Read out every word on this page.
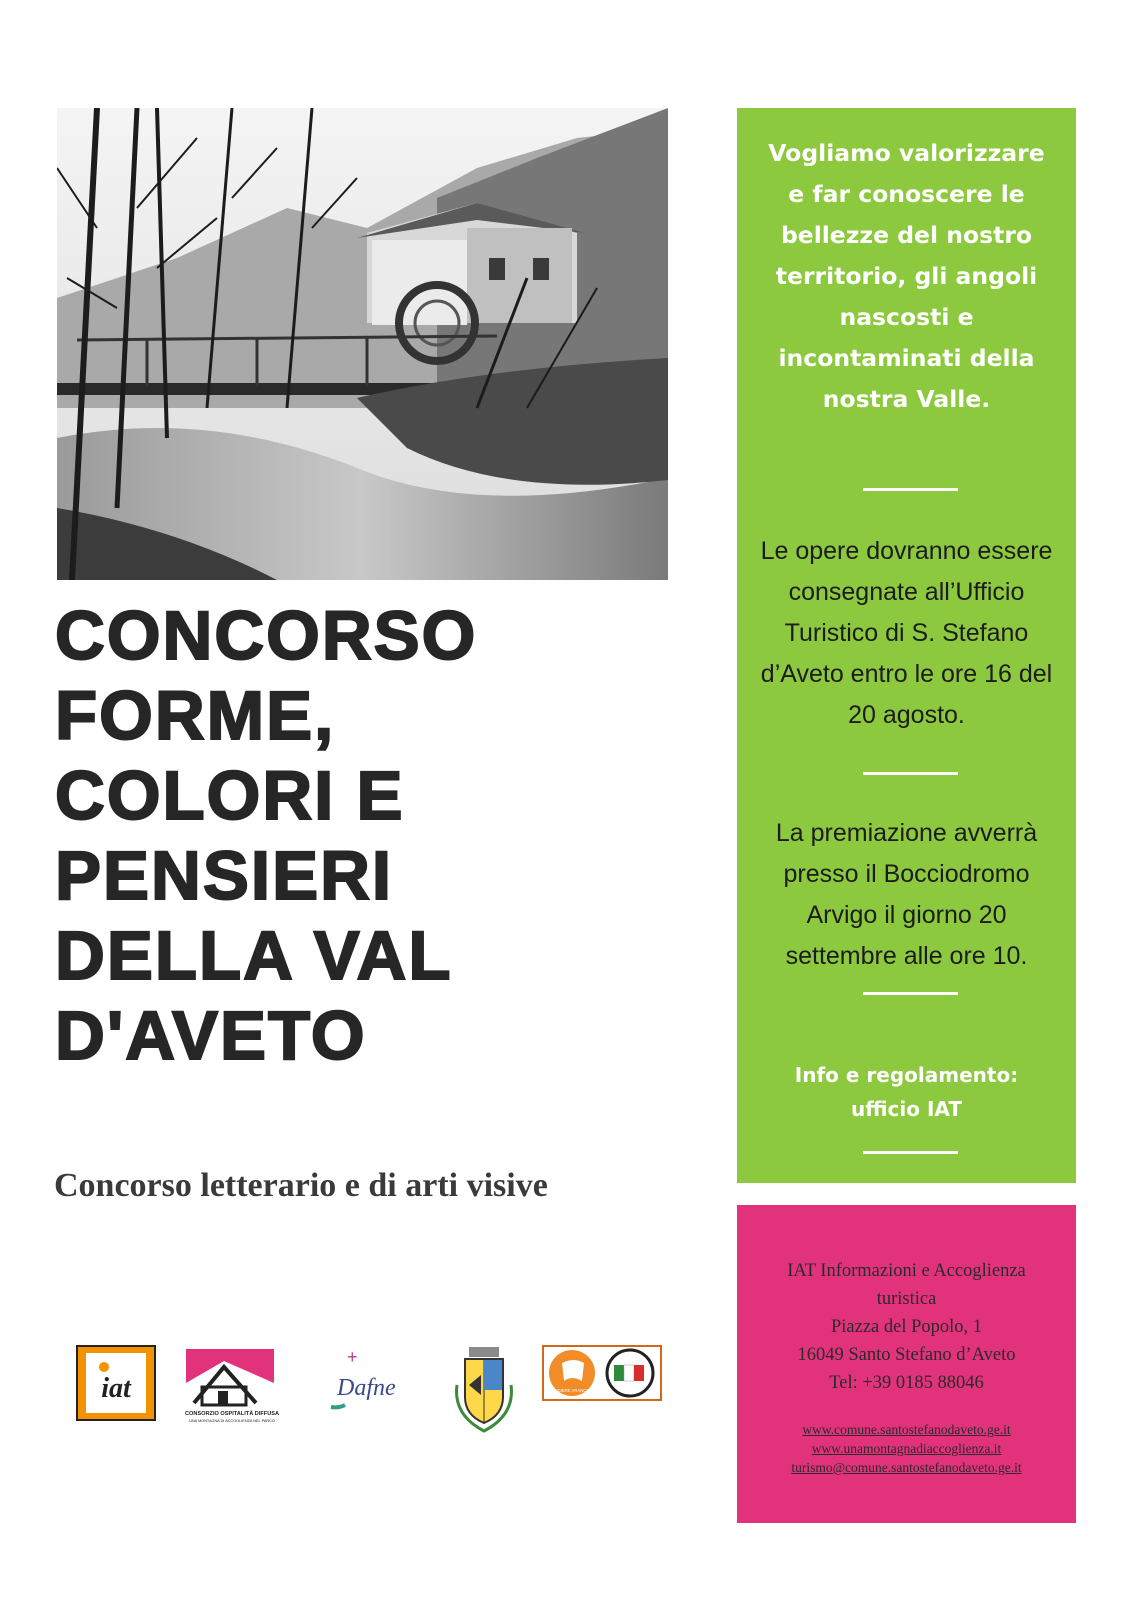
CONCORSO
FORME,
COLORI E
PENSIERI
DELLA VAL
D'AVETO
Concorso letterario e di arti visive
iat
CONSORZIO OSPITALITÀ DIFFUSA
UNA MONTAGNA DI ACCOGLIENZA NEL PARCO
+
Dafne	BANDIERE ARANCIONI
Vogliamo valorizzare e far conoscere le bellezze del nostro territorio, gli angoli nascosti e incontaminati della nostra Valle.
Le opere dovranno essere consegnate all’Ufficio Turistico di S. Stefano d’Aveto entro le ore 16 del 20 agosto.
La premiazione avverrà presso il Bocciodromo Arvigo il giorno 20 settembre alle ore 10.
Info e regolamento: ufficio IAT
IAT Informazioni e Accoglienza
turistica
Piazza del Popolo, 1
16049 Santo Stefano d’Aveto
Tel: +39 0185 88046
www.comune.santostefanodaveto.ge.it
www.unamontagnadiaccoglienza.it
turismo@comune.santostefanodaveto.ge.it
